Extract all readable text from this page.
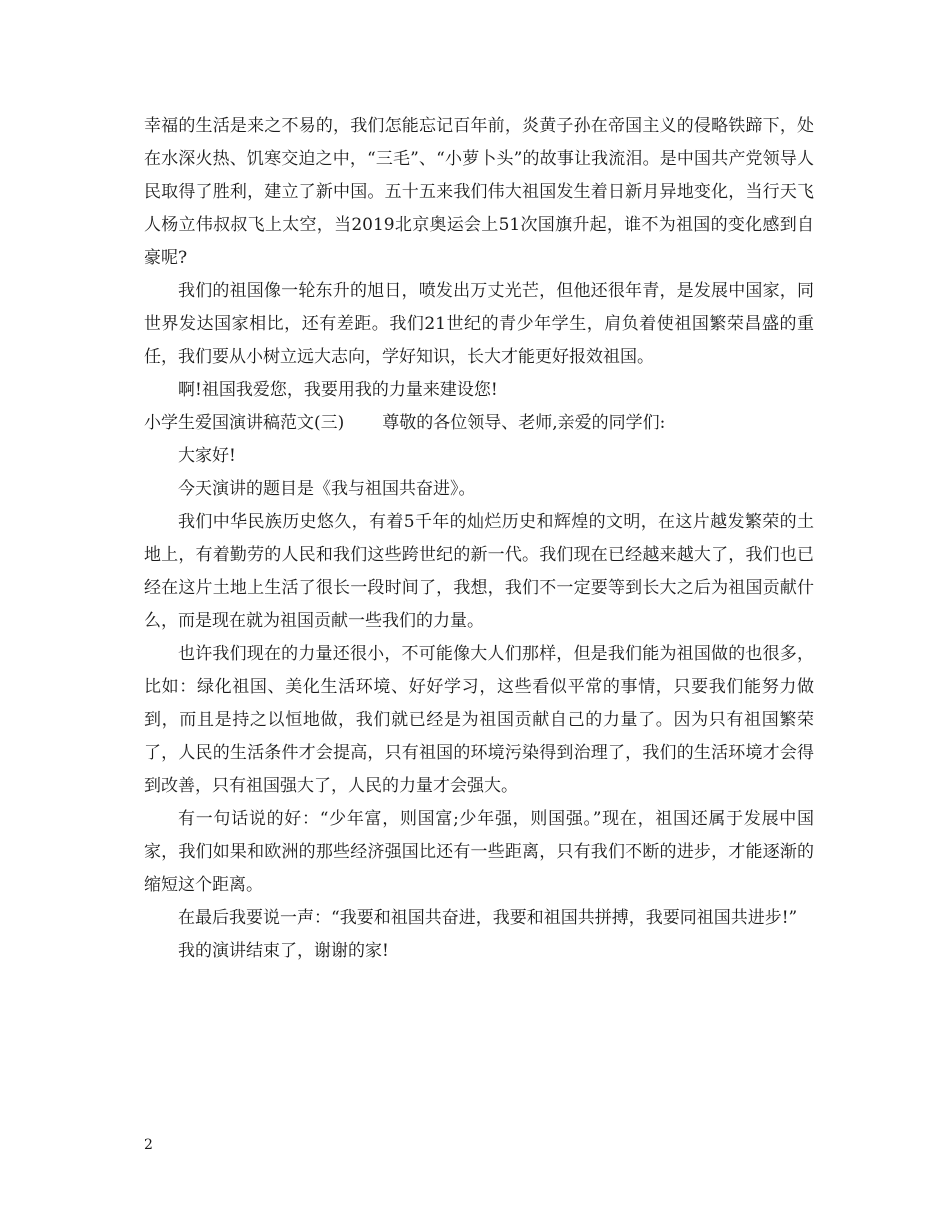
幸福的生活是来之不易的，我们怎能忘记百年前，炎黄子孙在帝国主义的侵略铁蹄下，处在水深火热、饥寒交迫之中，“三毛”、“小萝卜头”的故事让我流泪。是中国共产党领导人民取得了胜利，建立了新中国。五十五来我们伟大祖国发生着日新月异地变化，当行天飞人杨立伟叔叔飞上太空，当2019北京奥运会上51次国旗升起，谁不为祖国的变化感到自豪呢?

我们的祖国像一轮东升的旭日，喷发出万丈光芒，但他还很年青，是发展中国家，同世界发达国家相比，还有差距。我们21世纪的青少年学生，肩负着使祖国繁荣昌盛的重任，我们要从小树立远大志向，学好知识，长大才能更好报效祖国。

啊!祖国我爱您，我要用我的力量来建设您!

小学生爱国演讲稿范文(三) 尊敬的各位领导、老师,亲爱的同学们:

大家好!

今天演讲的题目是《我与祖国共奋进》。

我们中华民族历史悠久，有着5千年的灿烂历史和辉煌的文明，在这片越发繁荣的土地上，有着勤劳的人民和我们这些跨世纪的新一代。我们现在已经越来越大了，我们也已经在这片土地上生活了很长一段时间了，我想，我们不一定要等到长大之后为祖国贡献什么，而是现在就为祖国贡献一些我们的力量。

也许我们现在的力量还很小，不可能像大人们那样，但是我们能为祖国做的也很多，比如：绿化祖国、美化生活环境、好好学习，这些看似平常的事情，只要我们能努力做到，而且是持之以恒地做，我们就已经是为祖国贡献自己的力量了。因为只有祖国繁荣了，人民的生活条件才会提高，只有祖国的环境污染得到治理了，我们的生活环境才会得到改善，只有祖国强大了，人民的力量才会强大。

有一句话说的好：“少年富，则国富;少年强，则国强。”现在，祖国还属于发展中国家，我们如果和欧洲的那些经济强国比还有一些距离，只有我们不断的进步，才能逐渐的缩短这个距离。

在最后我要说一声：“我要和祖国共奋进，我要和祖国共拼搏，我要同祖国共进步!”

我的演讲结束了，谢谢的家!

2
